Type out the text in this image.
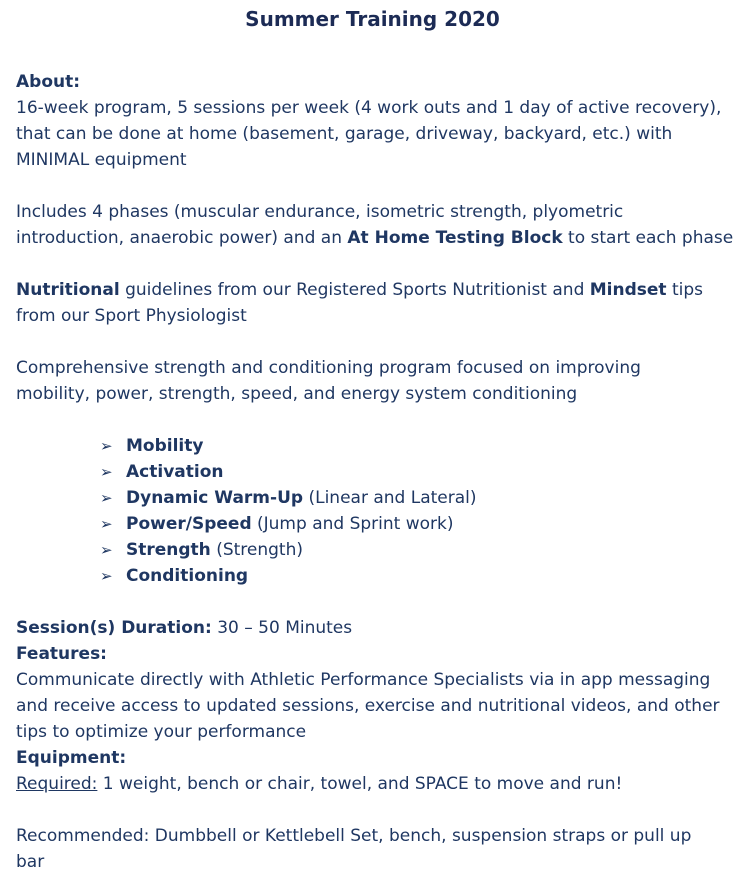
Summer Training 2020

About:

16-week program, 5 sessions per week (4 work outs and 1 day of active recovery),

that can be done at home (basement, garage, driveway, backyard, etc.) with

MINIMAL equipment

Includes 4 phases (muscular endurance, isometric strength, plyometric

introduction, anaerobic power) and an At Home Testing Block to start each phase

Nutritional guidelines from our Registered Sports Nutritionist and Mindset tips

from our Sport Physiologist

Comprehensive strength and conditioning program focused on improving

mobility, power, strength, speed, and energy system conditioning

➢ Mobility
➢ Activation
➢ Dynamic Warm-Up (Linear and Lateral)
➢ Power/Speed (Jump and Sprint work)
➢ Strength (Strength)
➢ Conditioning

Session(s) Duration: 30 – 50 Minutes

Features:

Communicate directly with Athletic Performance Specialists via in app messaging

and receive access to updated sessions, exercise and nutritional videos, and other

tips to optimize your performance

Equipment:

Required: 1 weight, bench or chair, towel, and SPACE to move and run!

Recommended: Dumbbell or Kettlebell Set, bench, suspension straps or pull up

bar
